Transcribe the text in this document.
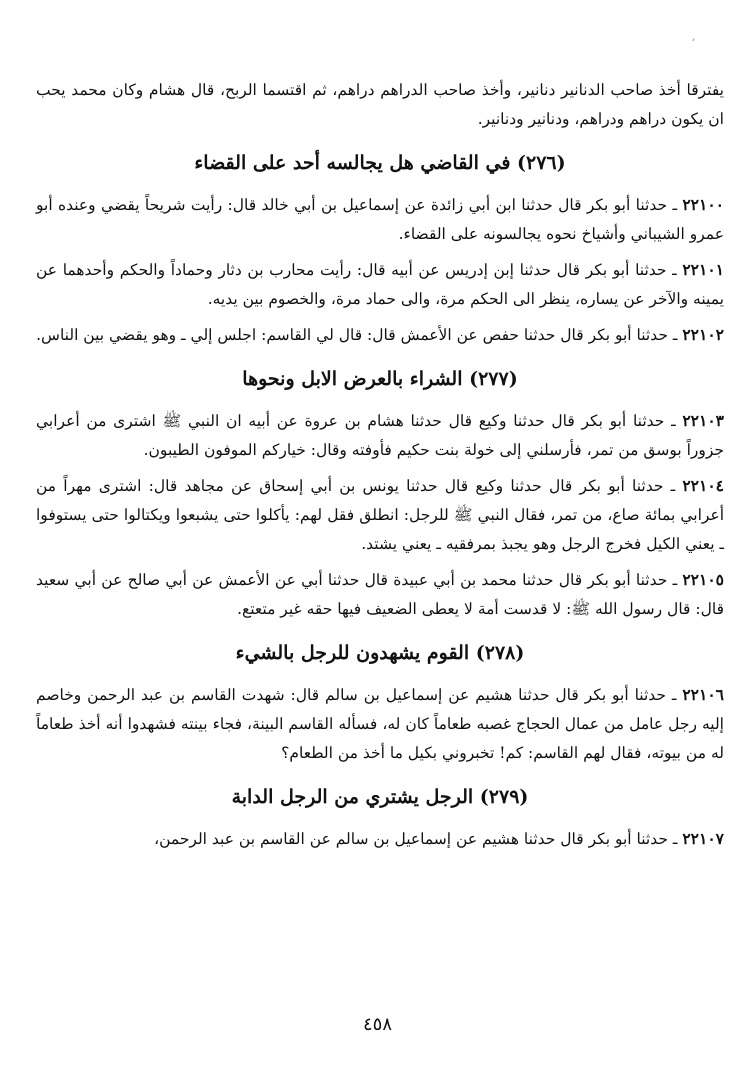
,

يفترقا أخذ صاحب الدنانير دنانير، وأخذ صاحب الدراهم دراهم، ثم اقتسما الربح، قال هشام وكان محمد يحب ان يكون دراهم ودراهم، ودنانير ودنانير.

(٢٧٦) في القاضي هل يجالسه أحد على القضاء

٢٢١٠٠ ـ حدثنا أبو بكر قال حدثنا ابن أبي زائدة عن إسماعيل بن أبي خالد قال: رأيت شريحاً يقضي وعنده أبو عمرو الشيباني وأشياخ نحوه يجالسونه على القضاء.

٢٢١٠١ ـ حدثنا أبو بكر قال حدثنا إبن إدريس عن أبيه قال: رأيت محارب بن دثار وحماداً والحكم وأحدهما عن يمينه والآخر عن يساره، ينظر الى الحكم مرة، والى حماد مرة، والخصوم بين يديه.

٢٢١٠٢ ـ حدثنا أبو بكر قال حدثنا حفص عن الأعمش قال: قال لي القاسم: اجلس إلي ـ وهو يقضي بين الناس.

(٢٧٧) الشراء بالعرض الابل ونحوها

٢٢١٠٣ ـ حدثنا أبو بكر قال حدثنا وكيع قال حدثنا هشام بن عروة عن أبيه ان النبي ﷺ اشترى من أعرابي جزوراً بوسق من تمر، فأرسلني إلى خولة بنت حكيم فأوفته وقال: خياركم الموفون الطيبون.

٢٢١٠٤ ـ حدثنا أبو بكر قال حدثنا وكيع قال حدثنا يونس بن أبي إسحاق عن مجاهد قال: اشترى مهراً من أعرابي بمائة صاع، من تمر، فقال النبي ﷺ للرجل: انطلق فقل لهم: يأكلوا حتى يشبعوا ويكتالوا حتى يستوفوا ـ يعني الكيل فخرج الرجل وهو يجبذ بمرفقيه ـ يعني يشتد.

٢٢١٠٥ ـ حدثنا أبو بكر قال حدثنا محمد بن أبي عبيدة قال حدثنا أبي عن الأعمش عن أبي صالح عن أبي سعيد قال: قال رسول الله ﷺ: لا قدست أمة لا يعطى الضعيف فيها حقه غير متعتع.

(٢٧٨) القوم يشهدون للرجل بالشيء

٢٢١٠٦ ـ حدثنا أبو بكر قال حدثنا هشيم عن إسماعيل بن سالم قال: شهدت القاسم بن عبد الرحمن وخاصم إليه رجل عامل من عمال الحجاج غصبه طعاماً كان له، فسأله القاسم البينة، فجاء بينته فشهدوا أنه أخذ طعاماً له من بيوته، فقال لهم القاسم: كم! تخبروني بكيل ما أخذ من الطعام؟

(٢٧٩) الرجل يشتري من الرجل الدابة

٢٢١٠٧ ـ حدثنا أبو بكر قال حدثنا هشيم عن إسماعيل بن سالم عن القاسم بن عبد الرحمن،

٤٥٨
